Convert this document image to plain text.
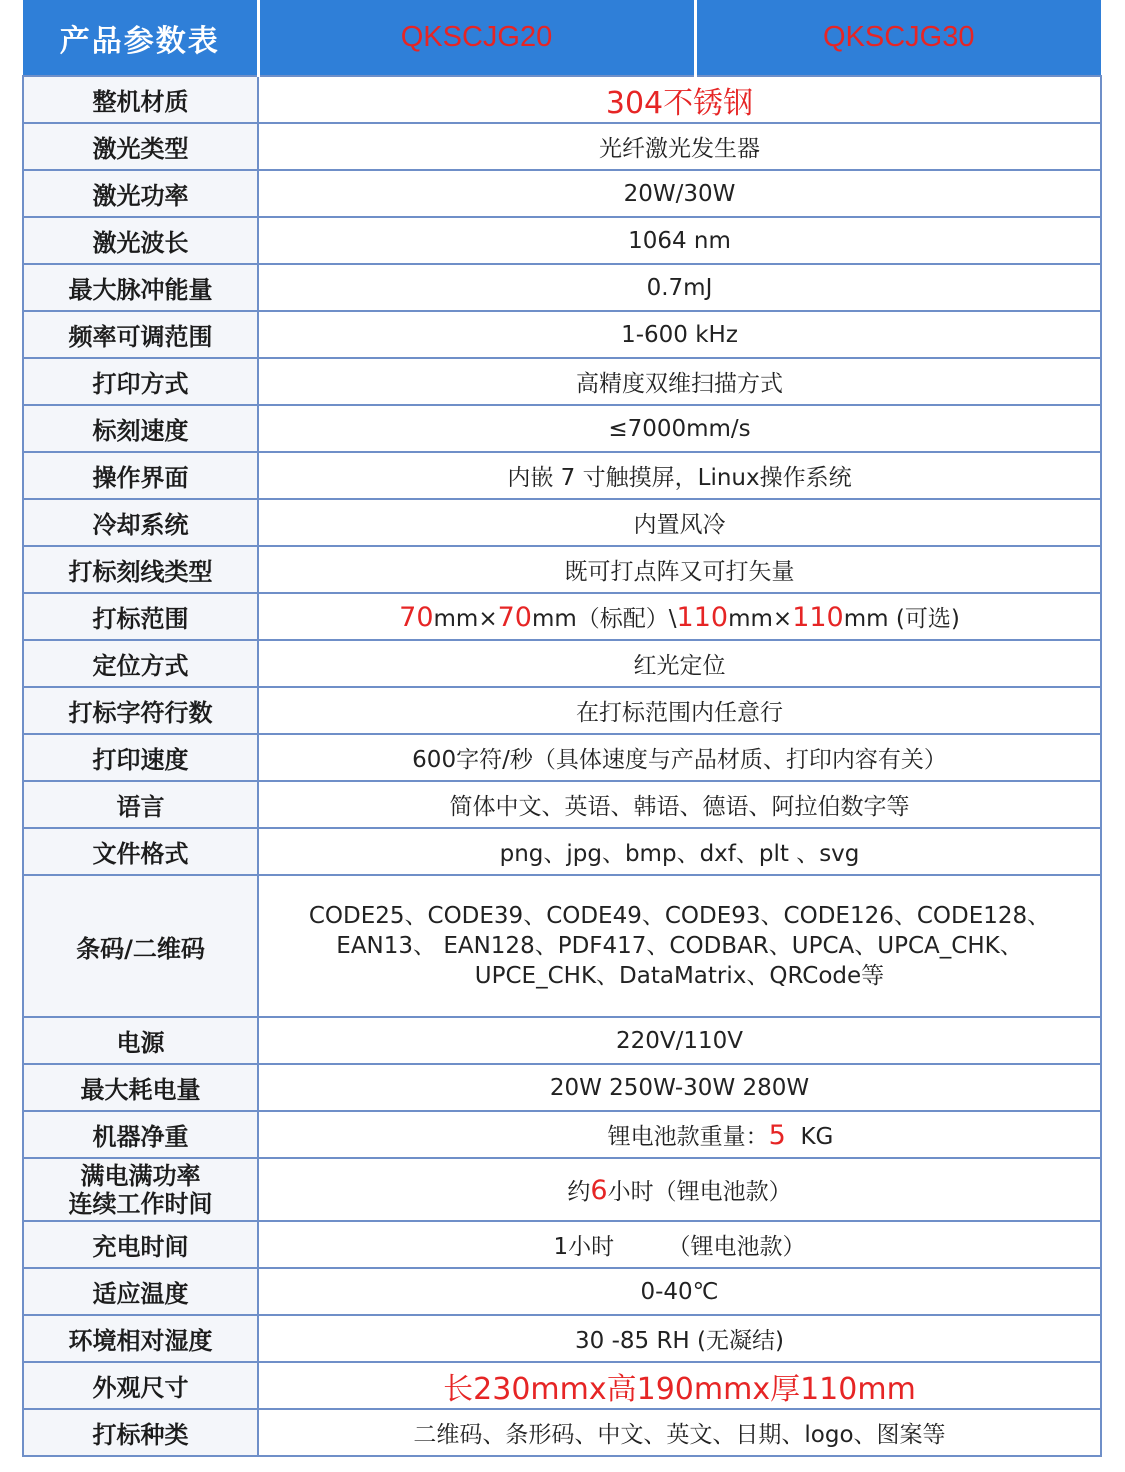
产品参数表	QKSCJG20	QKSCJG30
整机材质	304不锈钢	
激光类型	光纤激光发生器	
激光功率	20W/30W	
激光波长	1064 nm	
最大脉冲能量	0.7mJ	
频率可调范围	1-600 kHz	
打印方式	高精度双维扫描方式	
标刻速度	≤7000mm/s	
操作界面	内嵌 7 寸触摸屏，Linux操作系统	
冷却系统	内置风冷	
打标刻线类型	既可打点阵又可打矢量	
打标范围	70mm×70mm（标配）\110mm×110mm (可选)	
定位方式	红光定位	
打标字符行数	在打标范围内任意行	
打印速度	600字符/秒（具体速度与产品材质、打印内容有关）	
语言	简体中文、英语、韩语、德语、阿拉伯数字等	
文件格式	png、jpg、bmp、dxf、plt 、svg	
条码/二维码	CODE25、CODE39、CODE49、CODE93、CODE126、CODE128、
EAN13、 EAN128、PDF417、CODBAR、UPCA、UPCA_CHK、
UPCE_CHK、DataMatrix、QRCode等	

电源	220V/110V	
最大耗电量	20W 250W-30W 280W	
机器净重	锂电池款重量：5 KG	

满电满功率
连续工作时间	约6小时（锂电池款）	
充电时间	1小时　　 （锂电池款）	
适应温度	0-40℃	
环境相对湿度	30 -85 RH (无凝结)	
外观尺寸	长230mmx高190mmx厚110mm	
打标种类	二维码、条形码、中文、英文、日期、logo、图案等	
